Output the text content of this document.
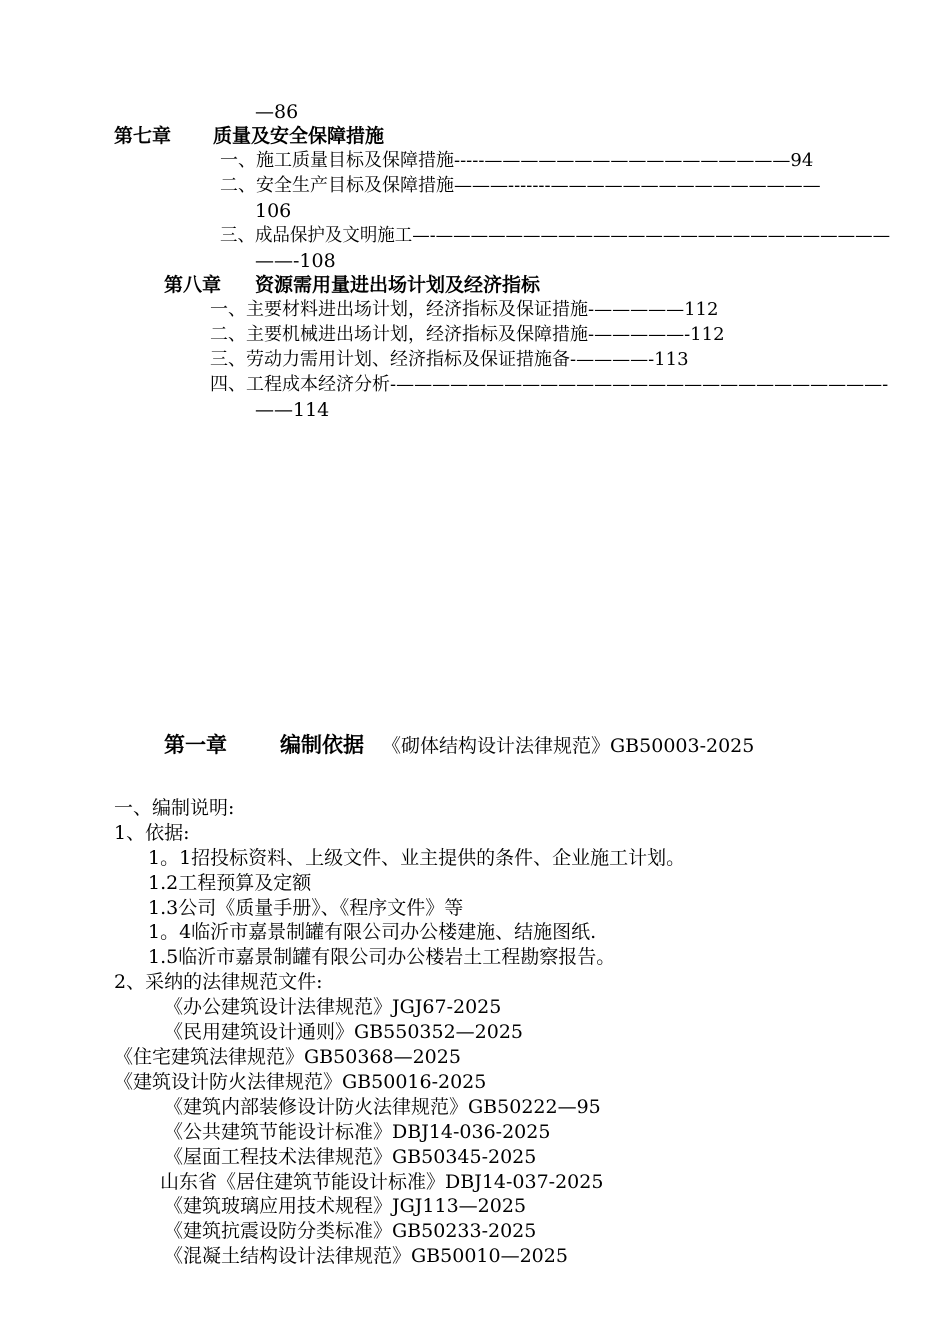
—86
第七章 质量及安全保障措施
一、施工质量目标及保障措施-----—————————————————94
二、安全生产目标及保障措施———-------———————————————
106
三、成品保护及文明施工—-——————————————————————————
——-108
第八章 资源需用量进出场计划及经济指标
一、主要材料进出场计划，经济指标及保证措施-—————112
二、主要机械进出场计划，经济指标及保障措施-—————-112
三、劳动力需用计划、经济指标及保证措施备-————-113
四、工程成本经济分析-———————————————————————————-
——114
第一章	编制依据 《砌体结构设计法律规范》GB50003-2025
一、编制说明:
1、依据:
1。1招投标资料、上级文件、业主提供的条件、企业施工计划。
1.2工程预算及定额
1.3公司《质量手册》、《程序文件》等
1。4临沂市嘉景制罐有限公司办公楼建施、结施图纸.
1.5临沂市嘉景制罐有限公司办公楼岩土工程勘察报告。
2、采纳的法律规范文件:
《办公建筑设计法律规范》JGJ67-2025
《民用建筑设计通则》GB550352—2025
《住宅建筑法律规范》GB50368—2025
《建筑设计防火法律规范》GB50016-2025
《建筑内部装修设计防火法律规范》GB50222—95
《公共建筑节能设计标准》DBJ14-036-2025
《屋面工程技术法律规范》GB50345-2025
山东省《居住建筑节能设计标准》DBJ14-037-2025
《建筑玻璃应用技术规程》JGJ113—2025
《建筑抗震设防分类标准》GB50233-2025
《混凝土结构设计法律规范》GB50010—2025
